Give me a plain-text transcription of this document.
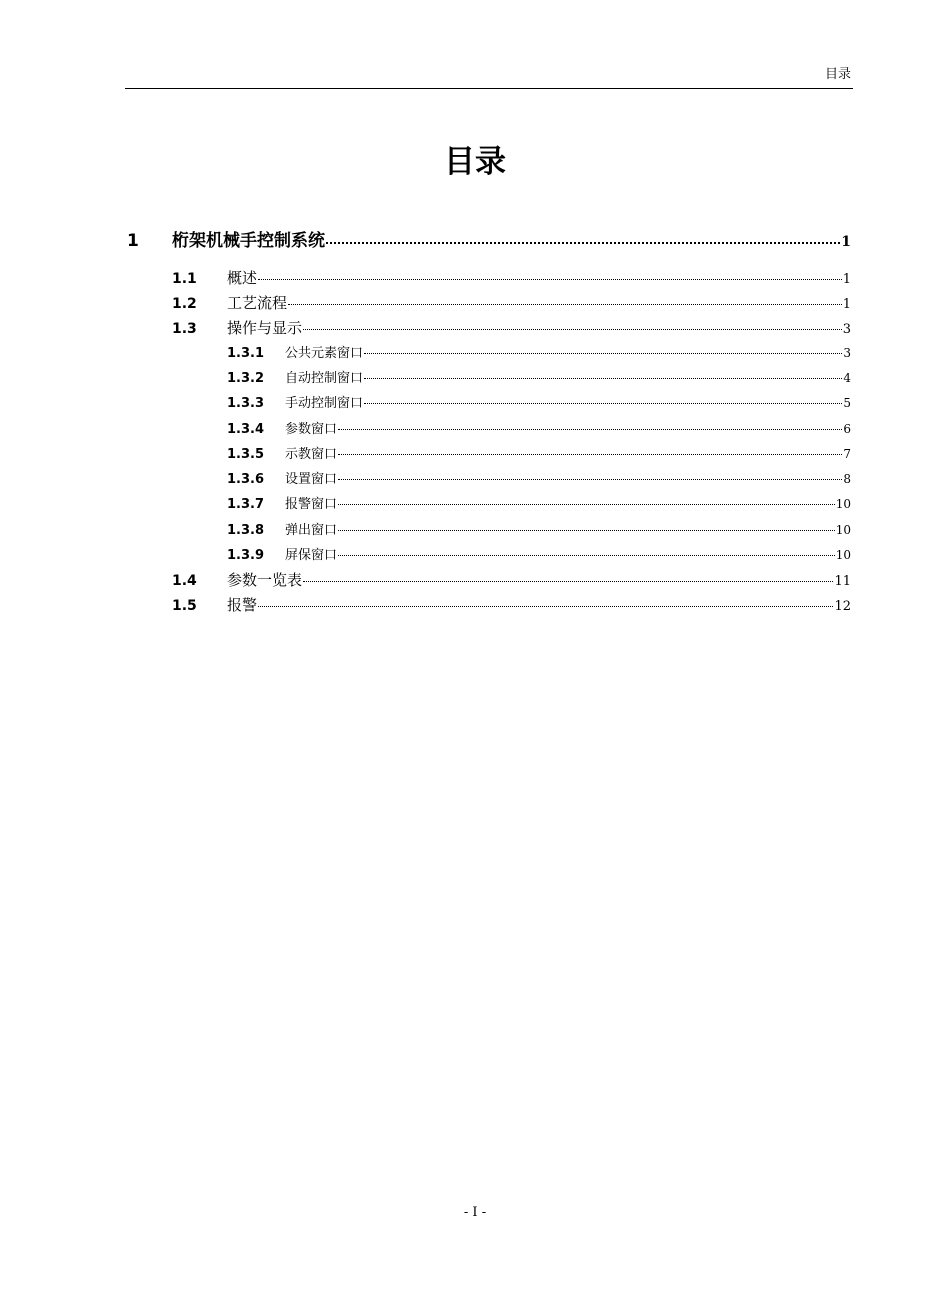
目录
目录
1	桁架机械手控制系统	1
1.1	概述	1
1.2	工艺流程	1
1.3	操作与显示	3
1.3.1	公共元素窗口	3
1.3.2	自动控制窗口	4
1.3.3	手动控制窗口	5
1.3.4	参数窗口	6
1.3.5	示教窗口	7
1.3.6	设置窗口	8
1.3.7	报警窗口	10
1.3.8	弹出窗口	10
1.3.9	屏保窗口	10
1.4	参数一览表	11
1.5	报警	12
- I -
